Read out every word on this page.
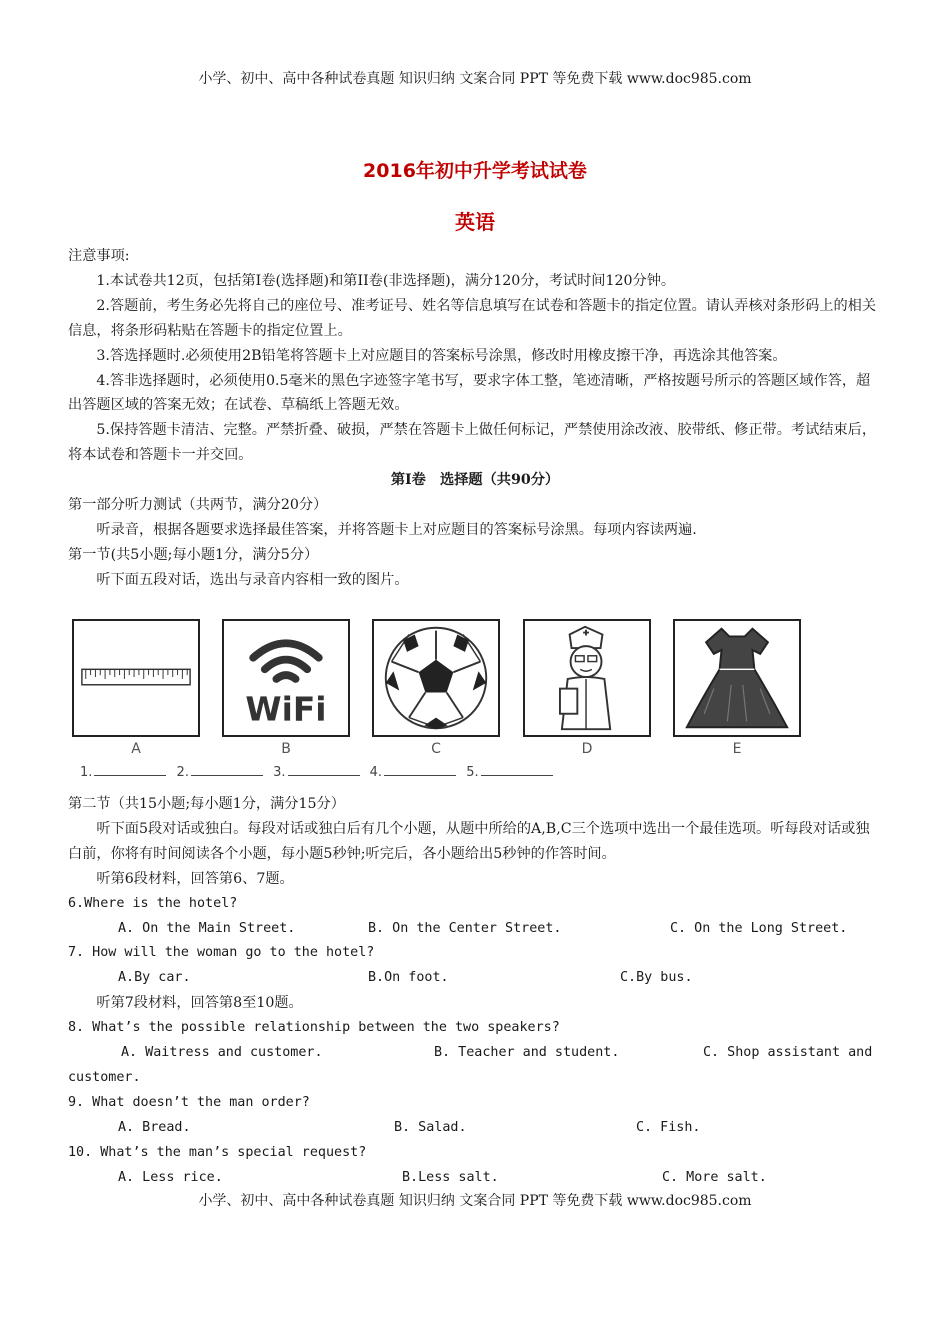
小学、初中、高中各种试卷真题 知识归纳 文案合同 PPT 等免费下载 www.doc985.com
2016年初中升学考试试卷
英语

注意事项:

1.本试卷共12页，包括第I卷(选择题)和第II卷(非选择题)，满分120分，考试时间120分钟。

2.答题前，考生务必先将自己的座位号、准考证号、姓名等信息填写在试卷和答题卡的指定位置。请认弄核对条形码上的相关信息，将条形码粘贴在答题卡的指定位置上。

3.答选择题时.必须使用2B铅笔将答题卡上对应题目的答案标号涂黑，修改时用橡皮擦干净，再选涂其他答案。

4.答非选择题时，必须使用0.5毫米的黑色字迹签字笔书写，要求字体工整，笔迹清晰，严格按题号所示的答题区域作答，超出答题区域的答案无效；在试卷、草稿纸上答题无效。

5.保持答题卡清洁、完整。严禁折叠、破损，严禁在答题卡上做任何标记，严禁使用涂改液、胶带纸、修正带。考试结束后，将本试卷和答题卡一并交回。

第I卷　选择题（共90分）

第一部分听力测试（共两节，满分20分）

听录音，根据各题要求选择最佳答案，并将答题卡上对应题目的答案标号涂黑。每项内容读两遍.

第一节(共5小题;每小题1分，满分5分）

听下面五段对话，选出与录音内容相一致的图片。

WiFi
A	B	C	D	E
1.	2.	3.	4.	5.

第二节（共15小题;每小题1分，满分15分）

听下面5段对话或独白。每段对话或独白后有几个小题，从题中所给的A,B,C三个选项中选出一个最佳选项。听每段对话或独白前，你将有时间阅读各个小题，每小题5秒钟;听完后，各小题给出5秒钟的作答时间。

听第6段材料，回答第6、7题。

6.Where is the hotel?

A. On the Main Street.	B. On the Center Street.	C. On the Long Street.

7. How will the woman go to the hotel?

A.By car.	B.On foot.	C.By bus.

听第7段材料，回答第8至10题。

8. What’s the possible relationship between the two speakers?

A. Waitress and customer.	B. Teacher and student.	C. Shop assistant and

customer.

9. What doesn’t the man order?

A. Bread.	B. Salad.	C. Fish.

10. What’s the man’s special request?

A. Less rice.	B.Less salt.	C. More salt.
小学、初中、高中各种试卷真题 知识归纳 文案合同 PPT 等免费下载 www.doc985.com
